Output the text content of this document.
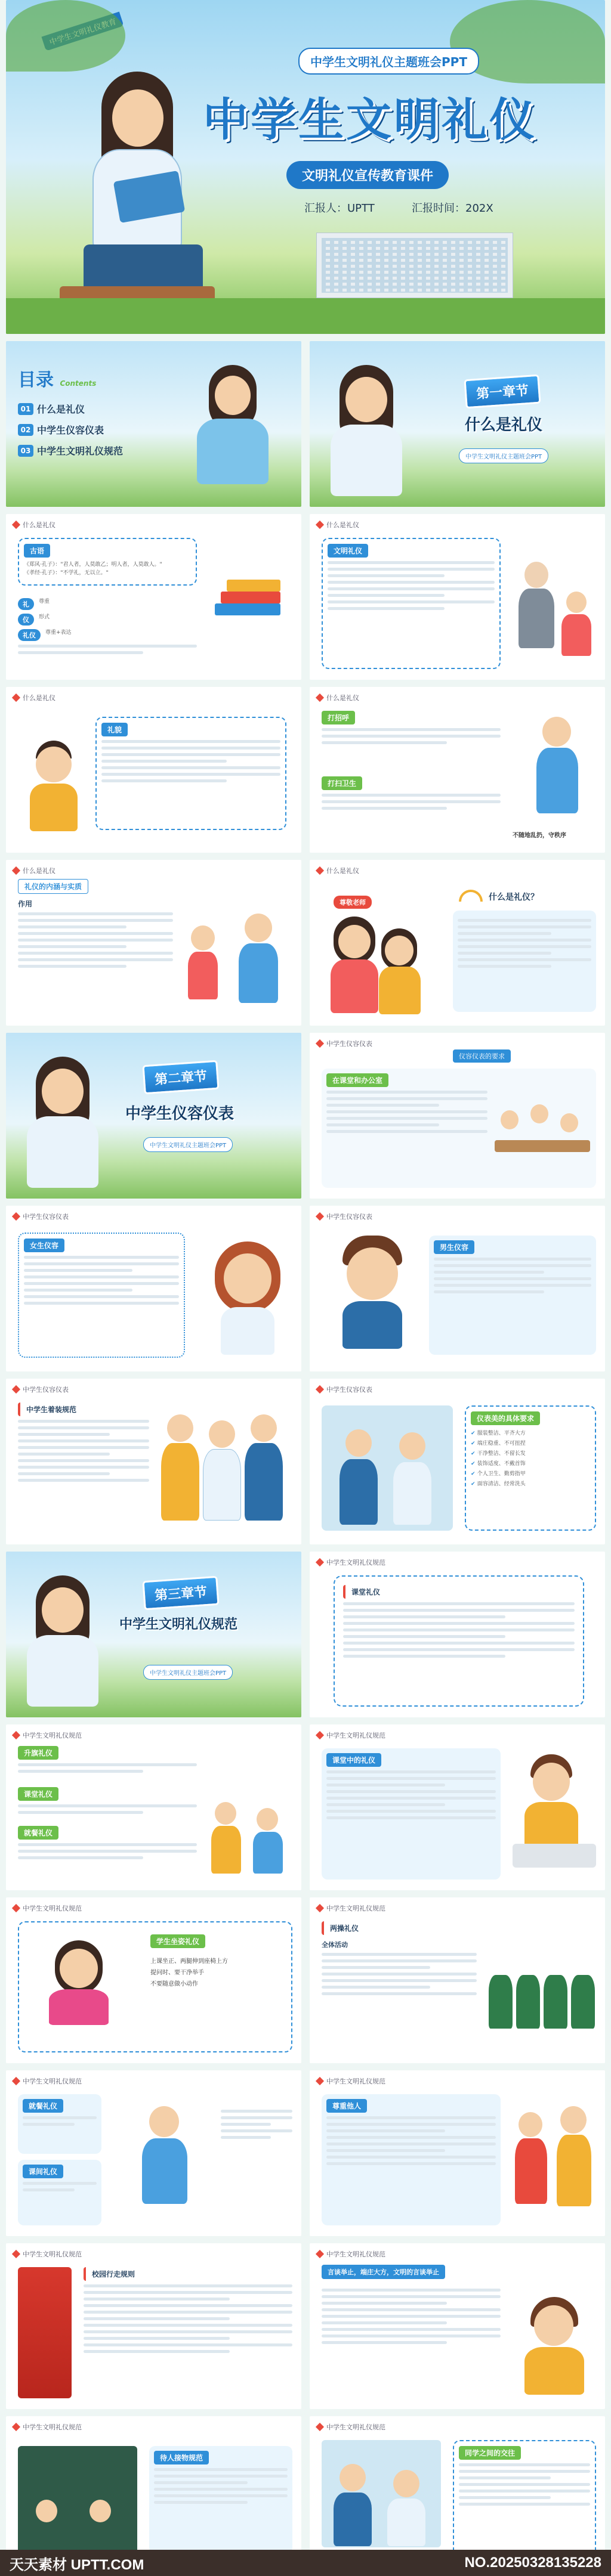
中学生文明礼仪主题班会PPT
中学生文明礼仪
文明礼仪宣传教育课件
汇报人：UPTT	汇报时间：202X
目录 Contents
01 什么是礼仪
02 中学生仪容仪表
03 中学生文明礼仪规范
第一章节
什么是礼仪
中学生文明礼仪主题班会PPT
什么是礼仪
古语
《郑风·孔子》："君人者，人莫敢乙；明人者，人莫敢人。"
《孝经·孔子》："不学礼，无以立。"
礼	尊重
仪	形式
礼仪	尊重+表达
什么是礼仪
文明礼仪
什么是礼仪
礼貌
什么是礼仪
打招呼
打扫卫生
不随地乱扔，守秩序
什么是礼仪
礼仪的内涵与实质
作用
什么是礼仪
尊敬老师
什么是礼仪？
第二章节
中学生仪容仪表
中学生文明礼仪主题班会PPT
中学生仪容仪表
仪容仪表的要求
在课堂和办公室
中学生仪容仪表
女生仪容
中学生仪容仪表
男生仪容
中学生仪容仪表
中学生着装规范
中学生仪容仪表
仪表美的具体要求
✔ 服装整洁、平齐大方
✔ 端庄稳重、不可扭捏
✔ 干净整洁、不留长发
✔ 装饰适度、不戴首饰
✔ 个人卫生、勤剪指甲
✔ 面容清洁、经常洗头
第三章节
中学生文明礼仪规范
中学生文明礼仪主题班会PPT
中学生文明礼仪规范
课堂礼仪
中学生文明礼仪规范
升旗礼仪
课堂礼仪
就餐礼仪
中学生文明礼仪规范
课堂中的礼仪
中学生文明礼仪规范
学生坐姿礼仪
上课坐正、两腿伸到座椅上方
提问时、要干净举手
不要随意做小动作
中学生文明礼仪规范
两操礼仪
全体活动
中学生文明礼仪规范
就餐礼仪
课间礼仪
中学生文明礼仪规范
尊重他人
中学生文明礼仪规范
校园行走规则
中学生文明礼仪规范
言谈举止，端庄大方，文明的言谈举止
中学生文明礼仪规范
待人接物规范
中学生文明礼仪规范
同学之间的交往
天天素材 UPTT.COM	NO.20250328135228
